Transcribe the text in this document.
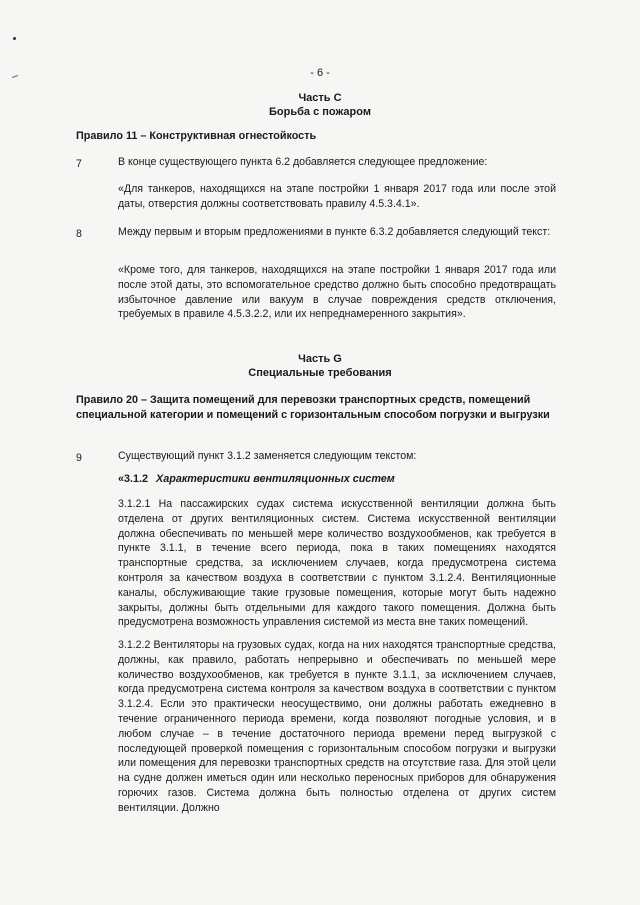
- 6 -
Часть C
Борьба с пожаром
Правило 11 – Конструктивная огнестойкость
7	В конце существующего пункта 6.2 добавляется следующее предложение:
«Для танкеров, находящихся на этапе постройки 1 января 2017 года или после этой даты, отверстия должны соответствовать правилу 4.5.3.4.1».
8	Между первым и вторым предложениями в пункте 6.3.2 добавляется следующий текст:
«Кроме того, для танкеров, находящихся на этапе постройки 1 января 2017 года или после этой даты, это вспомогательное средство должно быть способно предотвращать избыточное давление или вакуум в случае повреждения средств отключения, требуемых в правиле 4.5.3.2.2, или их непреднамеренного закрытия».
Часть G
Специальные требования
Правило 20 – Защита помещений для перевозки транспортных средств, помещений специальной категории и помещений с горизонтальным способом погрузки и выгрузки
9	Существующий пункт 3.1.2 заменяется следующим текстом:
«3.1.2 Характеристики вентиляционных систем
3.1.2.1 На пассажирских судах система искусственной вентиляции должна быть отделена от других вентиляционных систем. Система искусственной вентиляции должна обеспечивать по меньшей мере количество воздухообменов, как требуется в пункте 3.1.1, в течение всего периода, пока в таких помещениях находятся транспортные средства, за исключением случаев, когда предусмотрена система контроля за качеством воздуха в соответствии с пунктом 3.1.2.4. Вентиляционные каналы, обслуживающие такие грузовые помещения, которые могут быть надежно закрыты, должны быть отдельными для каждого такого помещения. Должна быть предусмотрена возможность управления системой из места вне таких помещений.
3.1.2.2 Вентиляторы на грузовых судах, когда на них находятся транспортные средства, должны, как правило, работать непрерывно и обеспечивать по меньшей мере количество воздухообменов, как требуется в пункте 3.1.1, за исключением случаев, когда предусмотрена система контроля за качеством воздуха в соответствии с пунктом 3.1.2.4. Если это практически неосуществимо, они должны работать ежедневно в течение ограниченного периода времени, когда позволяют погодные условия, и в любом случае – в течение достаточного периода времени перед выгрузкой с последующей проверкой помещения с горизонтальным способом погрузки и выгрузки или помещения для перевозки транспортных средств на отсутствие газа. Для этой цели на судне должен иметься один или несколько переносных приборов для обнаружения горючих газов. Система должна быть полностью отделена от других систем вентиляции. Должно
